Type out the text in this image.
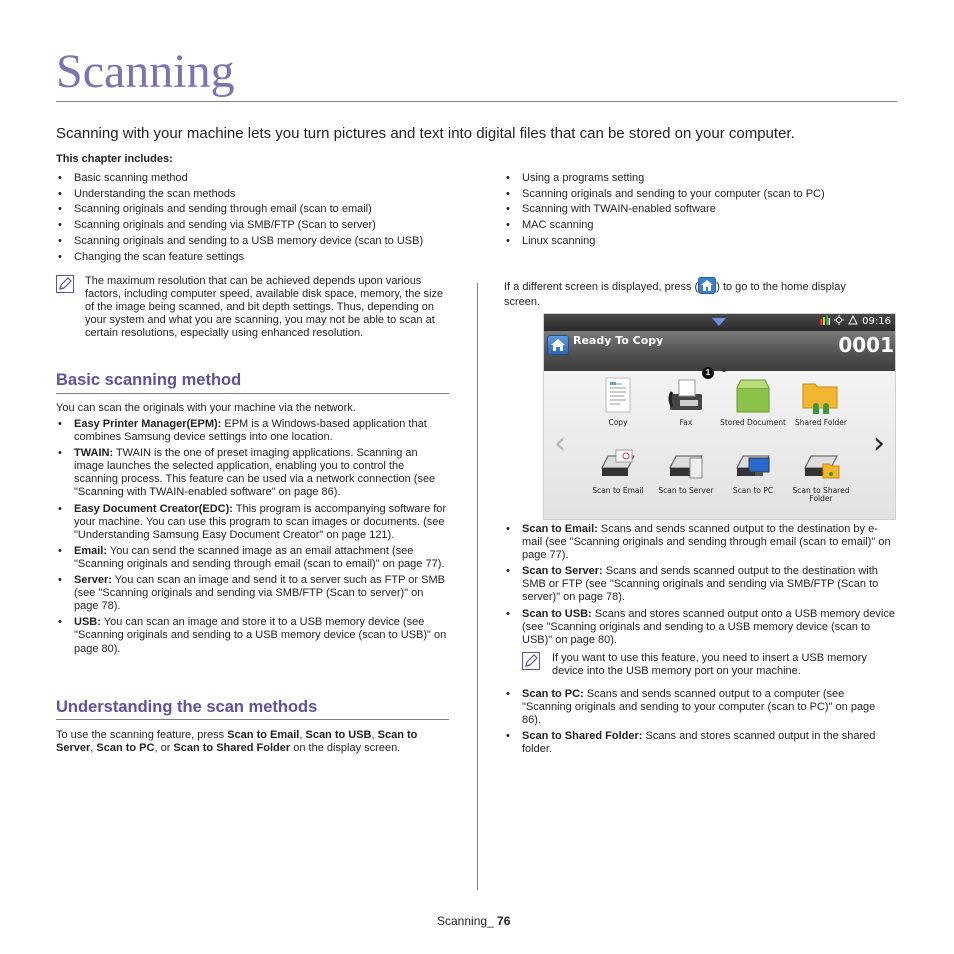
Scanning

Scanning with your machine lets you turn pictures and text into digital files that can be stored on your computer.

This chapter includes:
• Basic scanning method
• Understanding the scan methods
• Scanning originals and sending through email (scan to email)
• Scanning originals and sending via SMB/FTP (Scan to server)
• Scanning originals and sending to a USB memory device (scan to USB)
• Changing the scan feature settings
• Using a programs setting
• Scanning originals and sending to your computer (scan to PC)
• Scanning with TWAIN-enabled software
• MAC scanning
• Linux scanning
The maximum resolution that can be achieved depends upon various factors, including computer speed, available disk space, memory, the size of the image being scanned, and bit depth settings. Thus, depending on your system and what you are scanning, you may not be able to scan at certain resolutions, especially using enhanced resolution.
Basic scanning method

You can scan the originals with your machine via the network.

• Easy Printer Manager(EPM): EPM is a Windows-based application that combines Samsung device settings into one location.
• TWAIN: TWAIN is the one of preset imaging applications. Scanning an image launches the selected application, enabling you to control the scanning process. This feature can be used via a network connection (see "Scanning with TWAIN-enabled software" on page 86).
• Easy Document Creator(EDC): This program is accompanying software for your machine. You can use this program to scan images or documents. (see "Understanding Samsung Easy Document Creator" on page 121).
• Email: You can send the scanned image as an email attachment (see "Scanning originals and sending through email (scan to email)" on page 77).
• Server: You can scan an image and send it to a server such as FTP or SMB (see "Scanning originals and sending via SMB/FTP (Scan to server)" on page 78).
• USB: You can scan an image and store it to a USB memory device (see "Scanning originals and sending to a USB memory device (scan to USB)" on page 80).
Understanding the scan methods

To use the scanning feature, press Scan to Email, Scan to USB, Scan to Server, Scan to PC, or Scan to Shared Folder on the display screen.

If a different screen is displayed, press ( ) to go to the home display screen.

09:16
Ready To Copy	0001
1
‹	›
Copy	Fax	Stored Document	Shared Folder
Scan to Email	Scan to Server	Scan to PC	Scan to Shared Folder
• Scan to Email: Scans and sends scanned output to the destination by e-mail (see "Scanning originals and sending through email (scan to email)" on page 77).
• Scan to Server: Scans and sends scanned output to the destination with SMB or FTP (see "Scanning originals and sending via SMB/FTP (Scan to server)" on page 78).
• Scan to USB: Scans and stores scanned output onto a USB memory device (see "Scanning originals and sending to a USB memory device (scan to USB)" on page 80).
If you want to use this feature, you need to insert a USB memory device into the USB memory port on your machine.
• Scan to PC: Scans and sends scanned output to a computer (see "Scanning originals and sending to your computer (scan to PC)" on page 86).
• Scan to Shared Folder: Scans and stores scanned output in the shared folder.
Scanning_ 76
